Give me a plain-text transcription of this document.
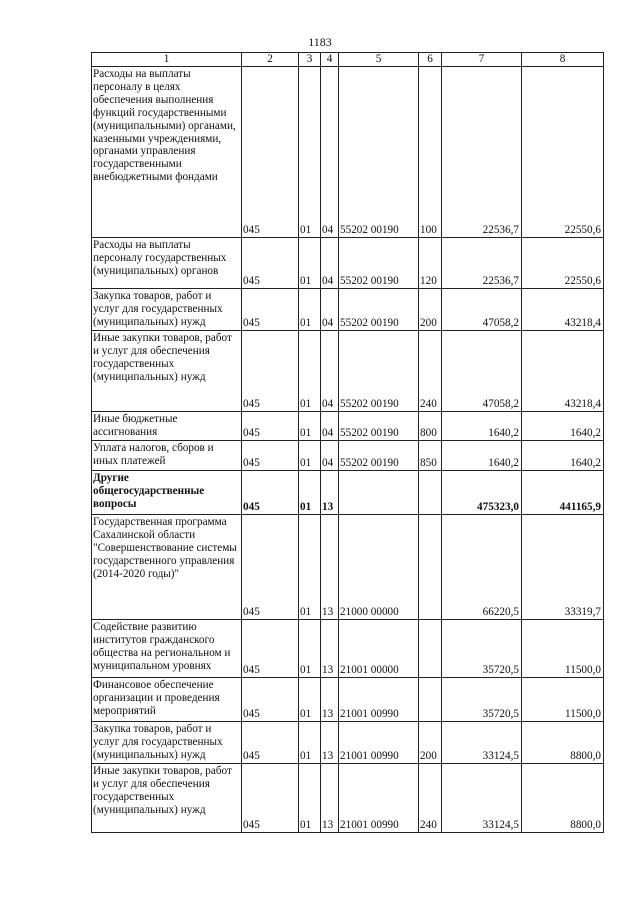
1183
1	2	3	4	5	6	7	8
Расходы на выплаты персоналу в целях обеспечения выполнения функций государственными (муниципальными) органами, казенными учреждениями, органами управления государственными внебюджетными фондами	045	01	04	55202 00190	100	22536,7	22550,6
Расходы на выплаты персоналу государственных (муниципальных) органов	045	01	04	55202 00190	120	22536,7	22550,6
Закупка товаров, работ и услуг для государственных (муниципальных) нужд	045	01	04	55202 00190	200	47058,2	43218,4
Иные закупки товаров, работ и услуг для обеспечения государственных (муниципальных) нужд	045	01	04	55202 00190	240	47058,2	43218,4
Иные бюджетные ассигнования	045	01	04	55202 00190	800	1640,2	1640,2
Уплата налогов, сборов и иных платежей	045	01	04	55202 00190	850	1640,2	1640,2
Другие общегосударственные вопросы	045	01	13			475323,0	441165,9
Государственная программа Сахалинской области "Совершенствование системы государственного управления (2014-2020 годы)"	045	01	13	21000 00000		66220,5	33319,7
Содействие развитию институтов гражданского общества на региональном и муниципальном уровнях	045	01	13	21001 00000		35720,5	11500,0
Финансовое обеспечение организации и проведения мероприятий	045	01	13	21001 00990		35720,5	11500,0
Закупка товаров, работ и услуг для государственных (муниципальных) нужд	045	01	13	21001 00990	200	33124,5	8800,0
Иные закупки товаров, работ и услуг для обеспечения государственных (муниципальных) нужд	045	01	13	21001 00990	240	33124,5	8800,0
